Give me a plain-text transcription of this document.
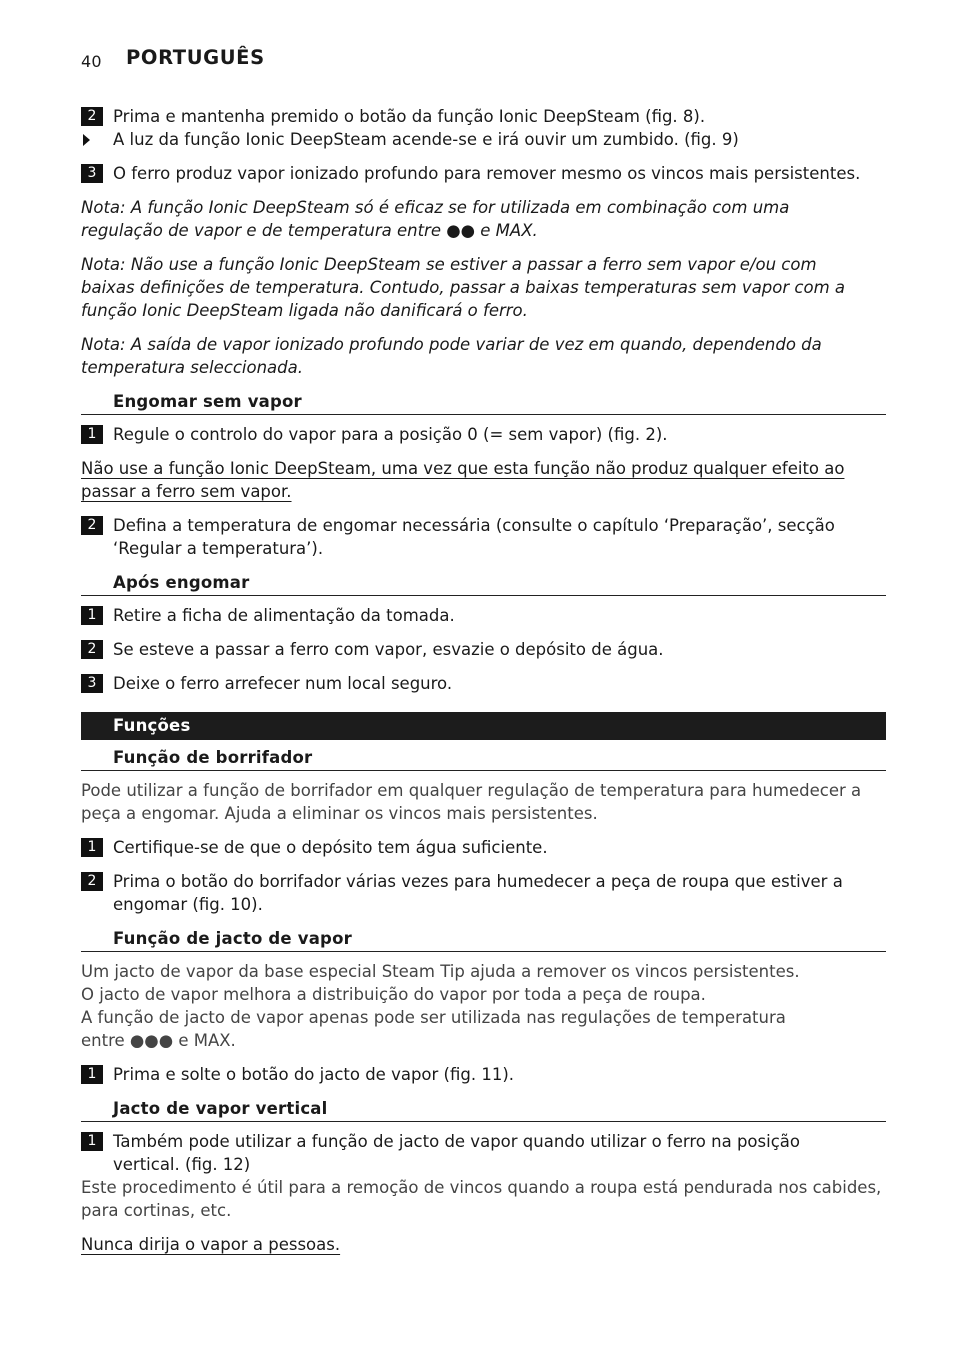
40 PORTUGUÊS
2	Prima e mantenha premido o botão da função Ionic DeepSteam (fig. 8).
A luz da função Ionic DeepSteam acende-se e irá ouvir um zumbido. (fig. 9)
3	O ferro produz vapor ionizado profundo para remover mesmo os vincos mais persistentes.
Nota: A função Ionic DeepSteam só é eficaz se for utilizada em combinação com uma regulação de vapor e de temperatura entre ●● e MAX.
Nota: Não use a função Ionic DeepSteam se estiver a passar a ferro sem vapor e/ou com baixas definições de temperatura. Contudo, passar a baixas temperaturas sem vapor com a função Ionic DeepSteam ligada não danificará o ferro.
Nota: A saída de vapor ionizado profundo pode variar de vez em quando, dependendo da temperatura seleccionada.
Engomar sem vapor
1	Regule o controlo do vapor para a posição 0 (= sem vapor) (fig. 2).
Não use a função Ionic DeepSteam, uma vez que esta função não produz qualquer efeito ao passar a ferro sem vapor.
2	Defina a temperatura de engomar necessária (consulte o capítulo ‘Preparação’, secção ‘Regular a temperatura’).
Após engomar
1	Retire a ficha de alimentação da tomada.
2	Se esteve a passar a ferro com vapor, esvazie o depósito de água.
3	Deixe o ferro arrefecer num local seguro.
Funções
Função de borrifador
Pode utilizar a função de borrifador em qualquer regulação de temperatura para humedecer a peça a engomar. Ajuda a eliminar os vincos mais persistentes.
1	Certifique-se de que o depósito tem água suficiente.
2	Prima o botão do borrifador várias vezes para humedecer a peça de roupa que estiver a engomar (fig. 10).
Função de jacto de vapor
Um jacto de vapor da base especial Steam Tip ajuda a remover os vincos persistentes.
O jacto de vapor melhora a distribuição do vapor por toda a peça de roupa.
A função de jacto de vapor apenas pode ser utilizada nas regulações de temperatura
entre ●●● e MAX.
1	Prima e solte o botão do jacto de vapor (fig. 11).
Jacto de vapor vertical
1	Também pode utilizar a função de jacto de vapor quando utilizar o ferro na posição vertical. (fig. 12)
Este procedimento é útil para a remoção de vincos quando a roupa está pendurada nos cabides, para cortinas, etc.
Nunca dirija o vapor a pessoas.
